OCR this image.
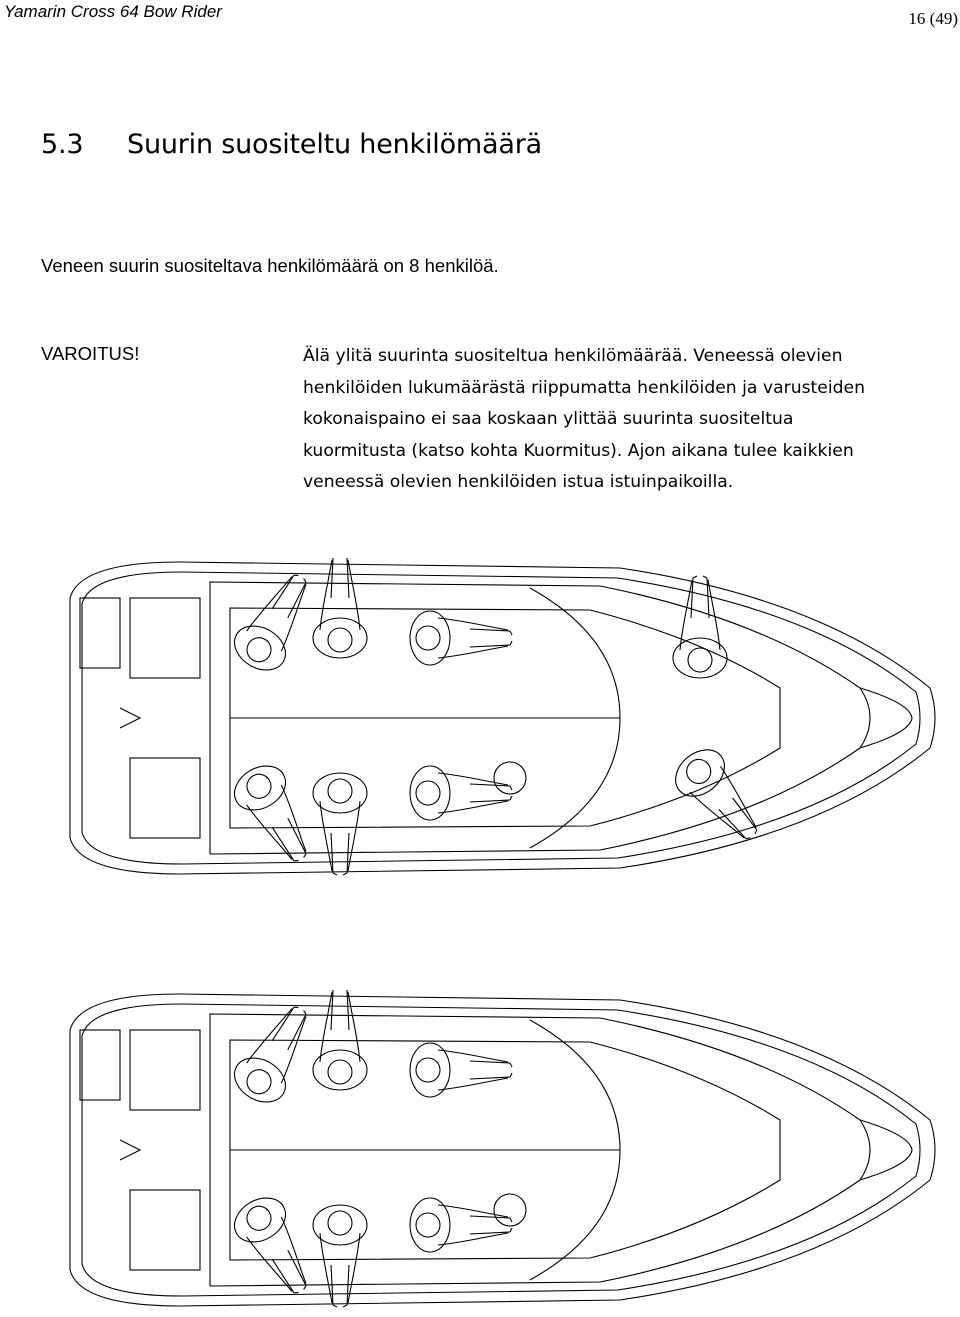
Yamarin Cross 64 Bow Rider	16 (49)
5.3 Suurin suositeltu henkilömäärä
Veneen suurin suositeltava henkilömäärä on 8 henkilöä.
VAROITUS!	Älä ylitä suurinta suositeltua henkilömäärää. Veneessä olevien
henkilöiden lukumäärästä riippumatta henkilöiden ja varusteiden
kokonaispaino ei saa koskaan ylittää suurinta suositeltua
kuormitusta (katso kohta Kuormitus). Ajon aikana tulee kaikkien
veneessä olevien henkilöiden istua istuinpaikoilla.
